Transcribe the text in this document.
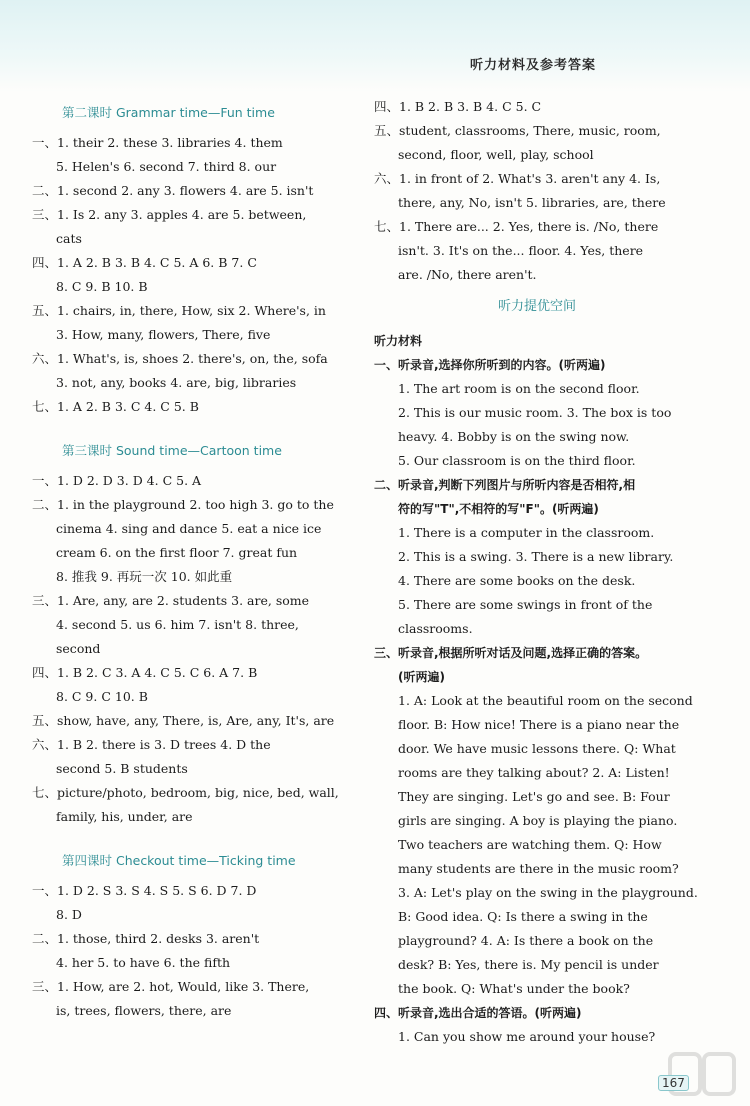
听力材料及参考答案
第二课时 Grammar time—Fun time
一、1. their 2. these 3. libraries 4. them
5. Helen's 6. second 7. third 8. our
二、1. second 2. any 3. flowers 4. are 5. isn't
三、1. Is 2. any 3. apples 4. are 5. between,
cats
四、1. A 2. B 3. B 4. C 5. A 6. B 7. C
8. C 9. B 10. B
五、1. chairs, in, there, How, six 2. Where's, in
3. How, many, flowers, There, five
六、1. What's, is, shoes 2. there's, on, the, sofa
3. not, any, books 4. are, big, libraries
七、1. A 2. B 3. C 4. C 5. B
第三课时 Sound time—Cartoon time
一、1. D 2. D 3. D 4. C 5. A
二、1. in the playground 2. too high 3. go to the
cinema 4. sing and dance 5. eat a nice ice
cream 6. on the first floor 7. great fun
8. 推我 9. 再玩一次 10. 如此重
三、1. Are, any, are 2. students 3. are, some
4. second 5. us 6. him 7. isn't 8. three,
second
四、1. B 2. C 3. A 4. C 5. C 6. A 7. B
8. C 9. C 10. B
五、show, have, any, There, is, Are, any, It's, are
六、1. B 2. there is 3. D trees 4. D the
second 5. B students
七、picture/photo, bedroom, big, nice, bed, wall,
family, his, under, are
第四课时 Checkout time—Ticking time
一、1. D 2. S 3. S 4. S 5. S 6. D 7. D
8. D
二、1. those, third 2. desks 3. aren't
4. her 5. to have 6. the fifth
三、1. How, are 2. hot, Would, like 3. There,
is, trees, flowers, there, are
四、1. B 2. B 3. B 4. C 5. C
五、student, classrooms, There, music, room,
second, floor, well, play, school
六、1. in front of 2. What's 3. aren't any 4. Is,
there, any, No, isn't 5. libraries, are, there
七、1. There are... 2. Yes, there is. /No, there
isn't. 3. It's on the... floor. 4. Yes, there
are. /No, there aren't.
听力提优空间
听力材料
一、听录音,选择你所听到的内容。(听两遍)
1. The art room is on the second floor.
2. This is our music room. 3. The box is too
heavy. 4. Bobby is on the swing now.
5. Our classroom is on the third floor.
二、听录音,判断下列图片与所听内容是否相符,相
符的写"T",不相符的写"F"。(听两遍)
1. There is a computer in the classroom.
2. This is a swing. 3. There is a new library.
4. There are some books on the desk.
5. There are some swings in front of the
classrooms.
三、听录音,根据所听对话及问题,选择正确的答案。
(听两遍)
1. A: Look at the beautiful room on the second
floor. B: How nice! There is a piano near the
door. We have music lessons there. Q: What
rooms are they talking about? 2. A: Listen!
They are singing. Let's go and see. B: Four
girls are singing. A boy is playing the piano.
Two teachers are watching them. Q: How
many students are there in the music room?
3. A: Let's play on the swing in the playground.
B: Good idea. Q: Is there a swing in the
playground? 4. A: Is there a book on the
desk? B: Yes, there is. My pencil is under
the book. Q: What's under the book?
四、听录音,选出合适的答语。(听两遍)
1. Can you show me around your house?
167
